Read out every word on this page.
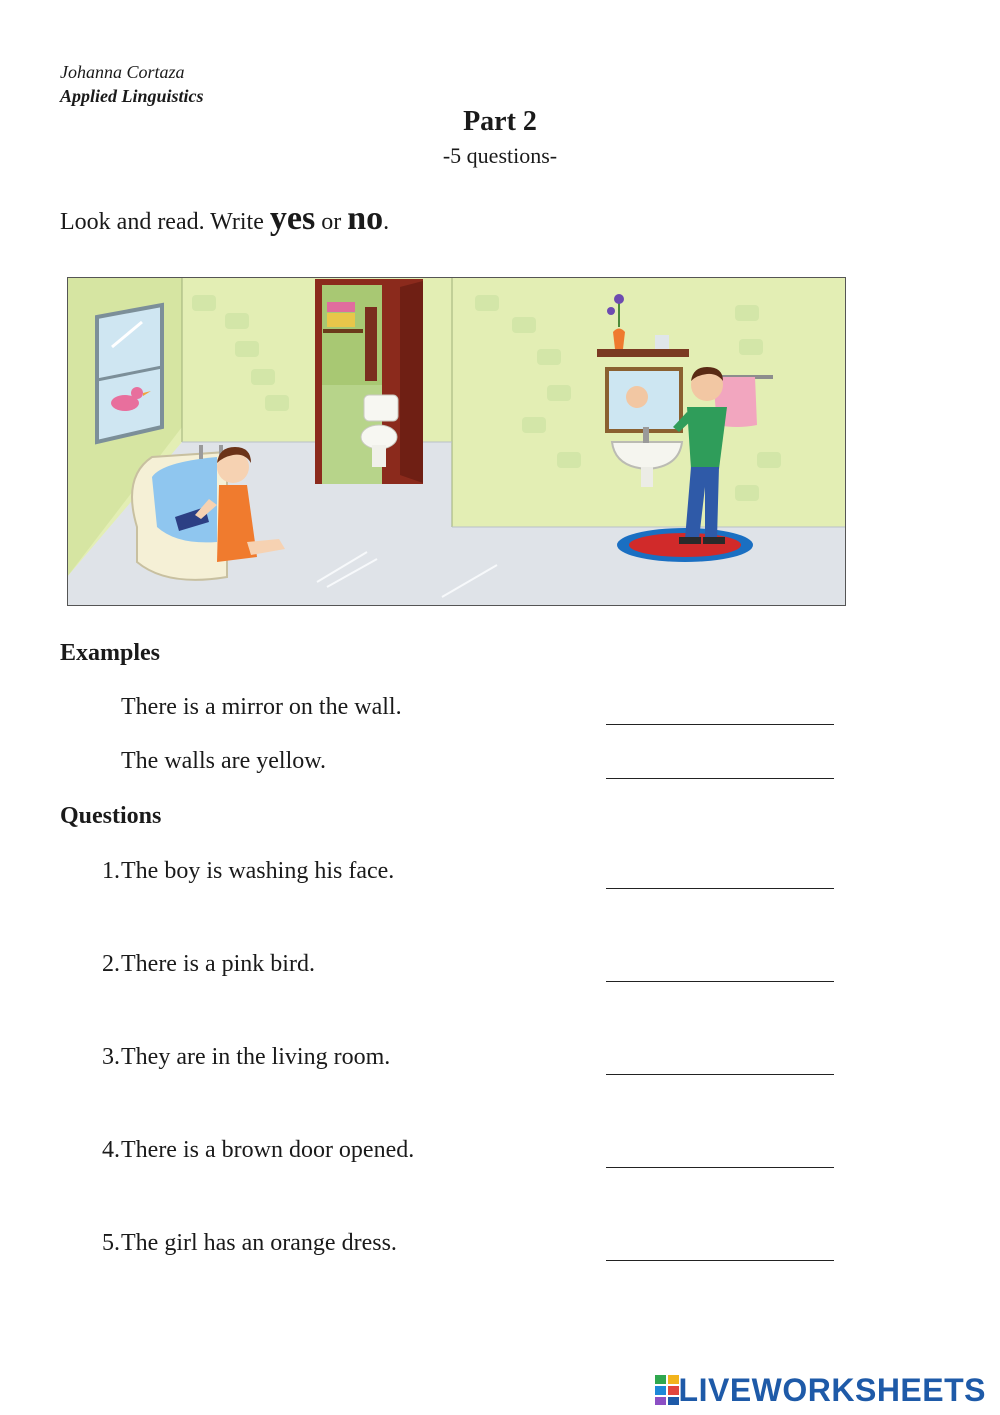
Johanna Cortaza
Applied Linguistics
Part 2
-5 questions-
Look and read. Write yes or no.
Examples
There is a mirror on the wall.
The walls are yellow.
Questions
1. The boy is washing his face.
2. There is a pink bird.
3. They are in the living room.
4. There is a brown door opened.
5. The girl has an orange dress.
LIVEWORKSHEETS
